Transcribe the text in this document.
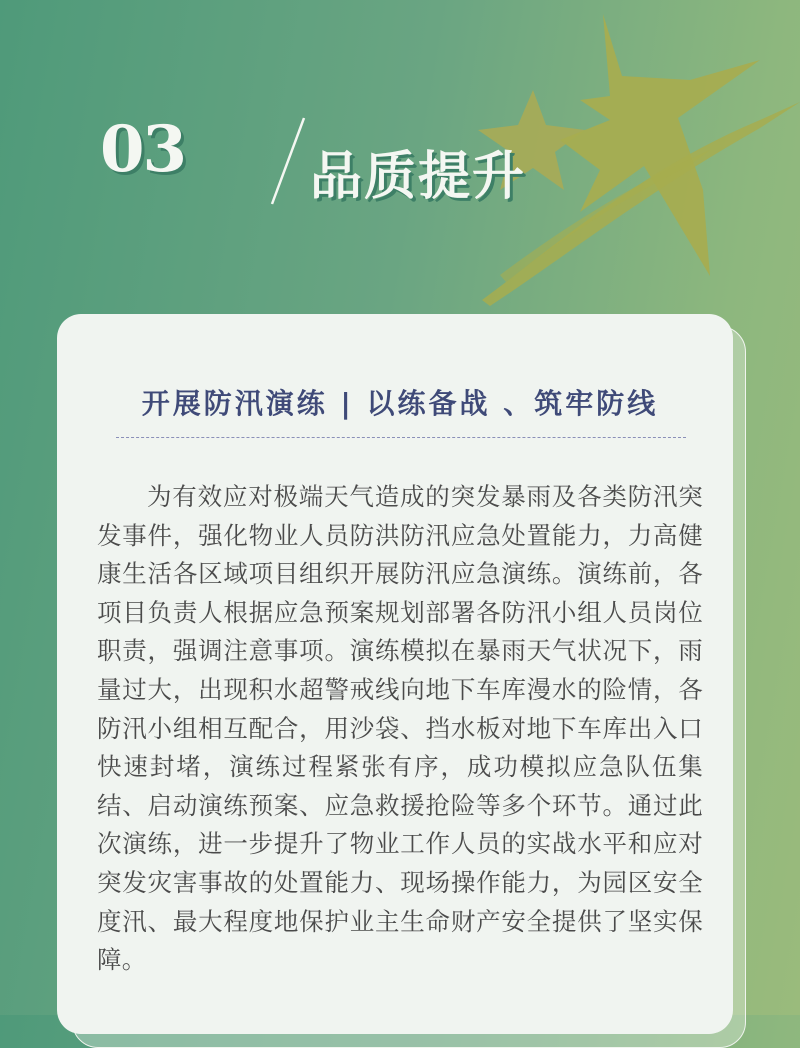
03 品质提升
开展防汛演练 | 以练备战 、筑牢防线

为有效应对极端天气造成的突发暴雨及各类防汛突发事件，强化物业人员防洪防汛应急处置能力，力高健康生活各区域项目组织开展防汛应急演练。演练前，各项目负责人根据应急预案规划部署各防汛小组人员岗位职责，强调注意事项。演练模拟在暴雨天气状况下，雨量过大，出现积水超警戒线向地下车库漫水的险情，各防汛小组相互配合，用沙袋、挡水板对地下车库出入口快速封堵，演练过程紧张有序，成功模拟应急队伍集结、启动演练预案、应急救援抢险等多个环节。通过此次演练，进一步提升了物业工作人员的实战水平和应对突发灾害事故的处置能力、现场操作能力，为园区安全度汛、最大程度地保护业主生命财产安全提供了坚实保障。
